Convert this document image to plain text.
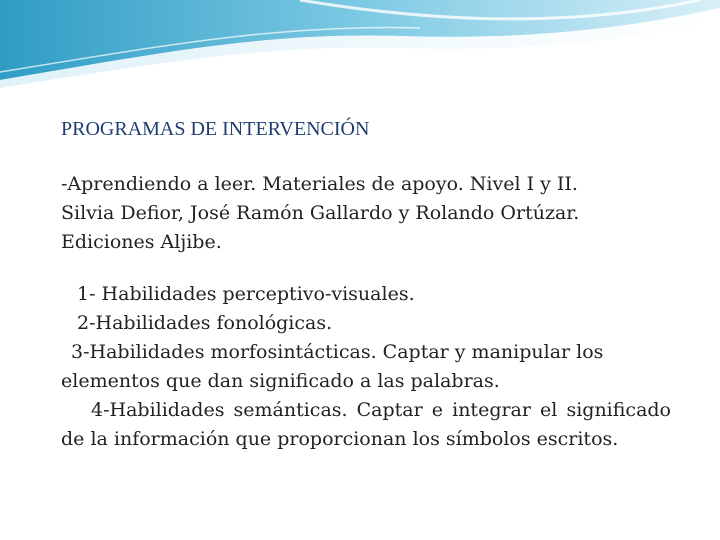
PROGRAMAS DE INTERVENCIÓN
-Aprendiendo a leer. Materiales de apoyo. Nivel I y II.
Silvia Defior, José Ramón Gallardo y Rolando Ortúzar.
Ediciones Aljibe.
1- Habilidades perceptivo-visuales.
2-Habilidades fonológicas.
3-Habilidades morfosintácticas. Captar y manipular los elementos que dan significado a las palabras.
4-Habilidades semánticas. Captar e integrar el significado de la información que proporcionan los símbolos escritos.
